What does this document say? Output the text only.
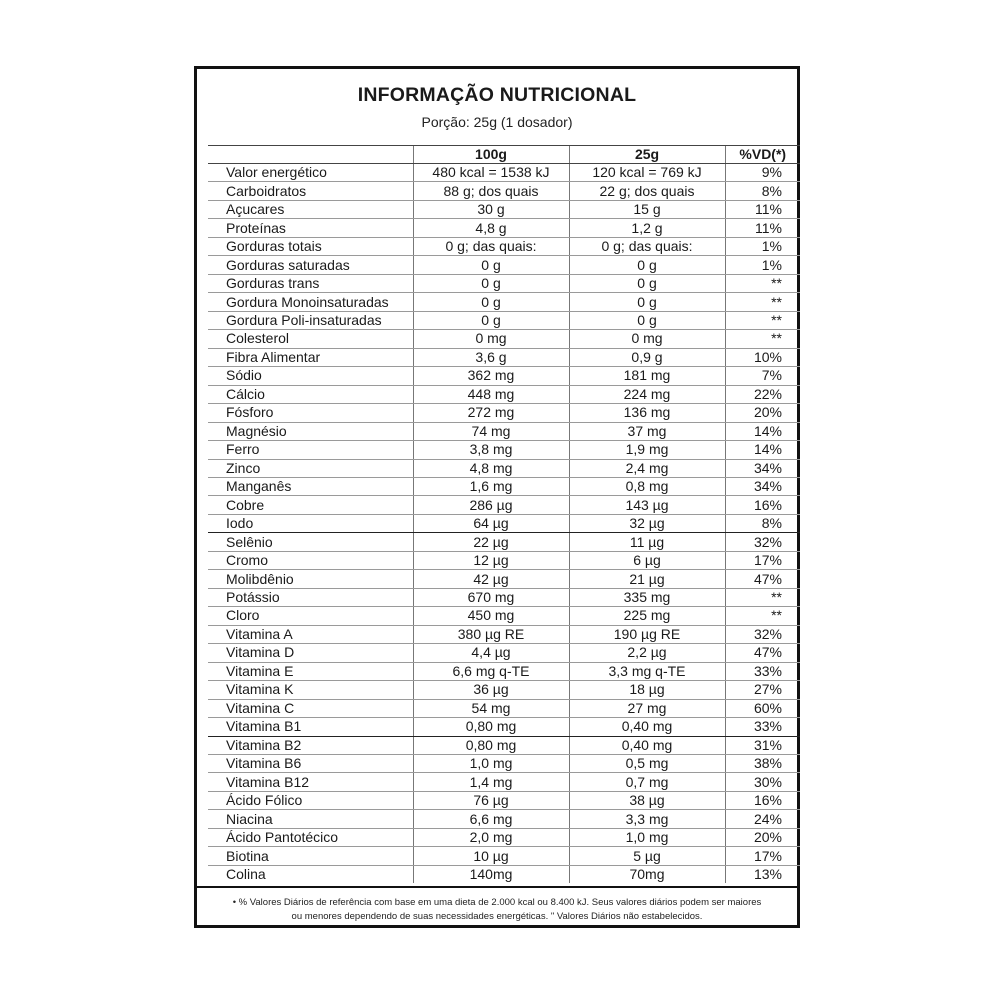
INFORMAÇÃO NUTRICIONAL
Porção: 25g (1 dosador)
	100g	25g	%VD(*)
Valor energético	480 kcal = 1538 kJ	120 kcal = 769 kJ	9%
Carboidratos	88 g; dos quais	22 g; dos quais	8%
Açucares	30 g	15 g	11%
Proteínas	4,8 g	1,2 g	11%
Gorduras totais	0 g; das quais:	0 g; das quais:	1%
Gorduras saturadas	0 g	0 g	1%
Gorduras trans	0 g	0 g	**
Gordura Monoinsaturadas	0 g	0 g	**
Gordura Poli-insaturadas	0 g	0 g	**
Colesterol	0 mg	0 mg	**
Fibra Alimentar	3,6 g	0,9 g	10%
Sódio	362 mg	181 mg	7%
Cálcio	448 mg	224 mg	22%
Fósforo	272 mg	136 mg	20%
Magnésio	74 mg	37 mg	14%
Ferro	3,8 mg	1,9 mg	14%
Zinco	4,8 mg	2,4 mg	34%
Manganês	1,6 mg	0,8 mg	34%
Cobre	286 µg	143 µg	16%
Iodo	64 µg	32 µg	8%
Selênio	22 µg	11 µg	32%
Cromo	12 µg	6 µg	17%
Molibdênio	42 µg	21 µg	47%
Potássio	670 mg	335 mg	**
Cloro	450 mg	225 mg	**
Vitamina A	380 µg RE	190 µg RE	32%
Vitamina D	4,4 µg	2,2 µg	47%
Vitamina E	6,6 mg q-TE	3,3 mg q-TE	33%
Vitamina K	36 µg	18 µg	27%
Vitamina C	54 mg	27 mg	60%
Vitamina B1	0,80 mg	0,40 mg	33%
Vitamina B2	0,80 mg	0,40 mg	31%
Vitamina B6	1,0 mg	0,5 mg	38%
Vitamina B12	1,4 mg	0,7 mg	30%
Ácido Fólico	76 µg	38 µg	16%
Niacina	6,6 mg	3,3 mg	24%
Ácido Pantotécico	2,0 mg	1,0 mg	20%
Biotina	10 µg	5 µg	17%
Colina	140mg	70mg	13%
• % Valores Diários de referência com base em uma dieta de 2.000 kcal ou 8.400 kJ. Seus valores diários podem ser maiores ou menores dependendo de suas necessidades energéticas. " Valores Diários não estabelecidos.
